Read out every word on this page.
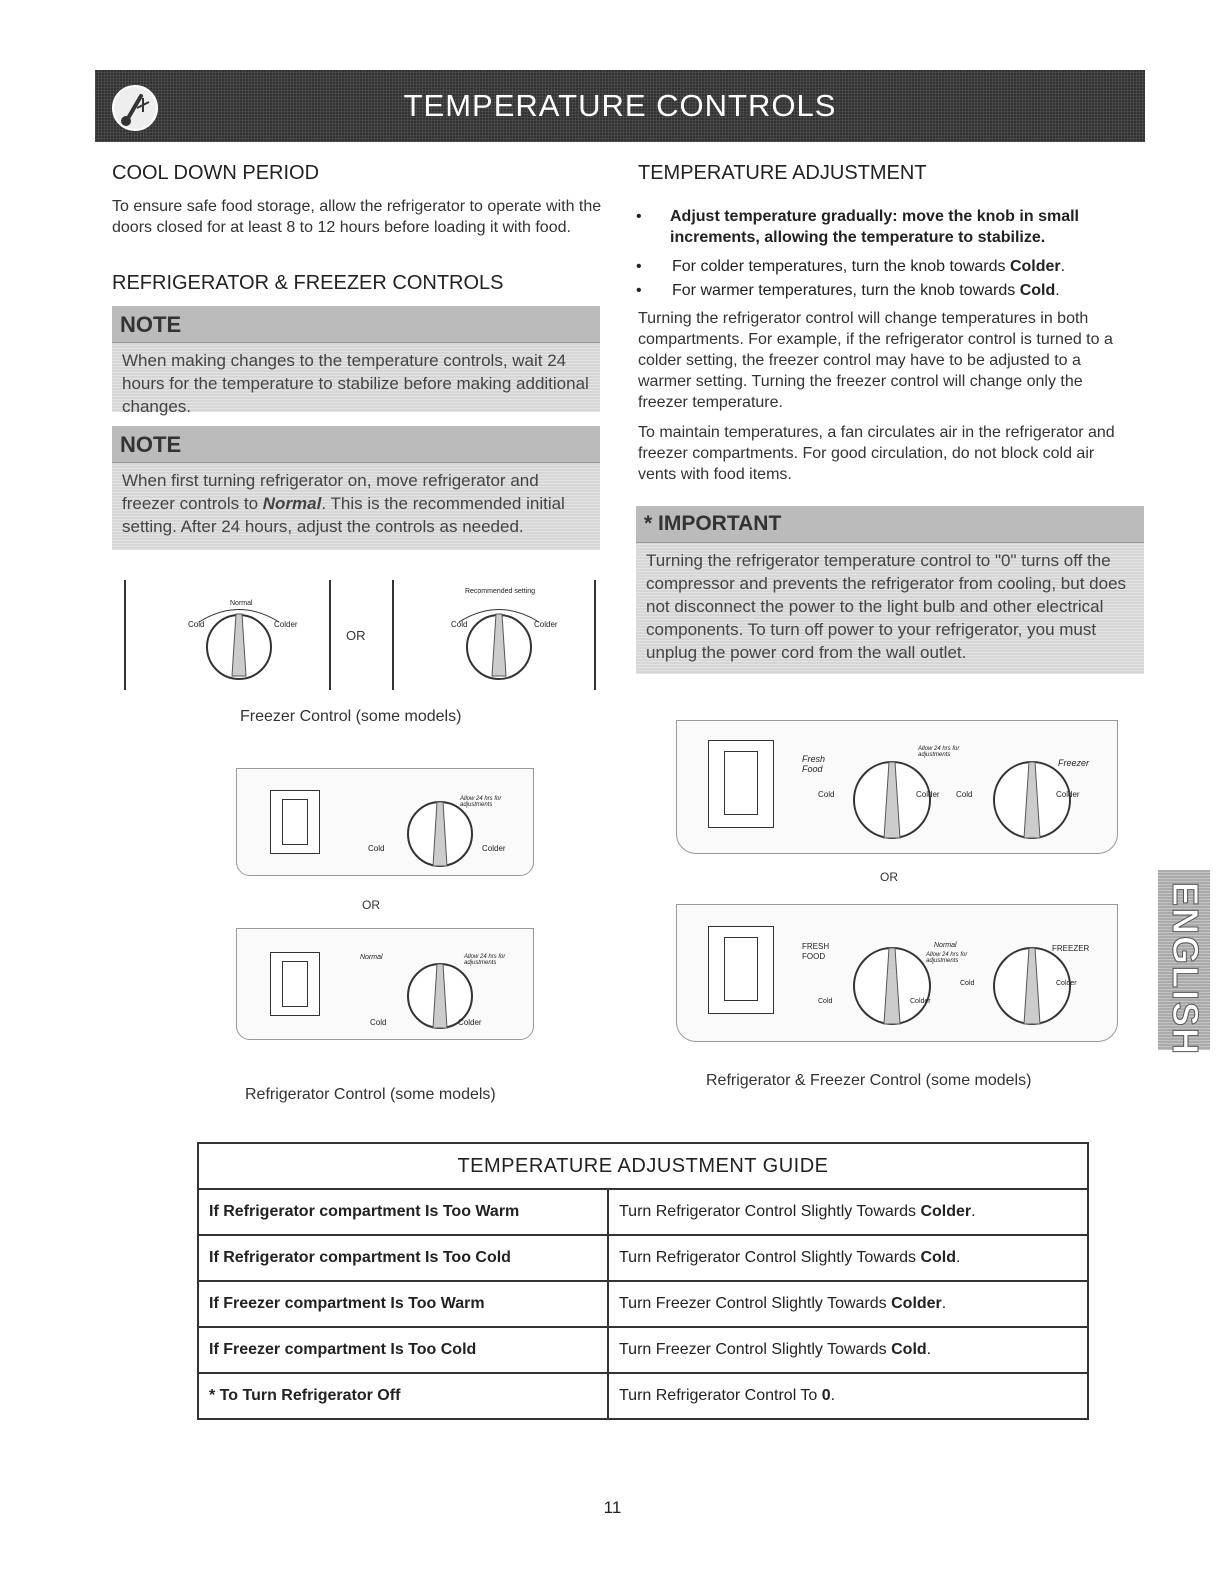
TEMPERATURE CONTROLS
COOL DOWN PERIOD

To ensure safe food storage, allow the refrigerator to operate with the doors closed for at least 8 to 12 hours before loading it with food.

REFRIGERATOR & FREEZER CONTROLS
NOTE
When making changes to the temperature controls, wait 24 hours for the temperature to stabilize before making additional changes.
NOTE
When first turning refrigerator on, move refrigerator and freezer controls to Normal. This is the recommended initial setting. After 24 hours, adjust the controls as needed.
Cold
Normal
Colder
OR
Recommended setting
Cold	Colder
Freezer Control (some models)
Cold	Colder
Allow 24 hrs for adjustments
OR
Normal
Cold	Colder
Allow 24 hrs for adjustments
Refrigerator Control (some models)
TEMPERATURE ADJUSTMENT
• Adjust temperature gradually: move the knob in small increments, allowing the temperature to stabilize.
• For colder temperatures, turn the knob towards Colder.
• For warmer temperatures, turn the knob towards Cold.

Turning the refrigerator control will change temperatures in both compartments. For example, if the refrigerator control is turned to a colder setting, the freezer control may have to be adjusted to a warmer setting. Turning the freezer control will change only the freezer temperature.

To maintain temperatures, a fan circulates air in the refrigerator and freezer compartments. For good circulation, do not block cold air vents with food items.

* IMPORTANT
Turning the refrigerator temperature control to "0" turns off the compressor and prevents the refrigerator from cooling, but does not disconnect the power to the light bulb and other electrical components. To turn off power to your refrigerator, you must unplug the power cord from the wall outlet.
Fresh Food
Freezer
Allow 24 hrs for adjustments
Cold	Colder Cold	Colder
OR
FRESH FOOD
FREEZER
Normal
Allow 24 hrs for adjustments
Cold	Colder
Cold	Colder
Refrigerator & Freezer Control (some models)
ENGLISH
TEMPERATURE ADJUSTMENT GUIDE	
If Refrigerator compartment Is Too Warm	Turn Refrigerator Control Slightly Towards Colder.
If Refrigerator compartment Is Too Cold	Turn Refrigerator Control Slightly Towards Cold.
If Freezer compartment Is Too Warm	Turn Freezer Control Slightly Towards Colder.
If Freezer compartment Is Too Cold	Turn Freezer Control Slightly Towards Cold.
* To Turn Refrigerator Off	Turn Refrigerator Control To 0.
11
